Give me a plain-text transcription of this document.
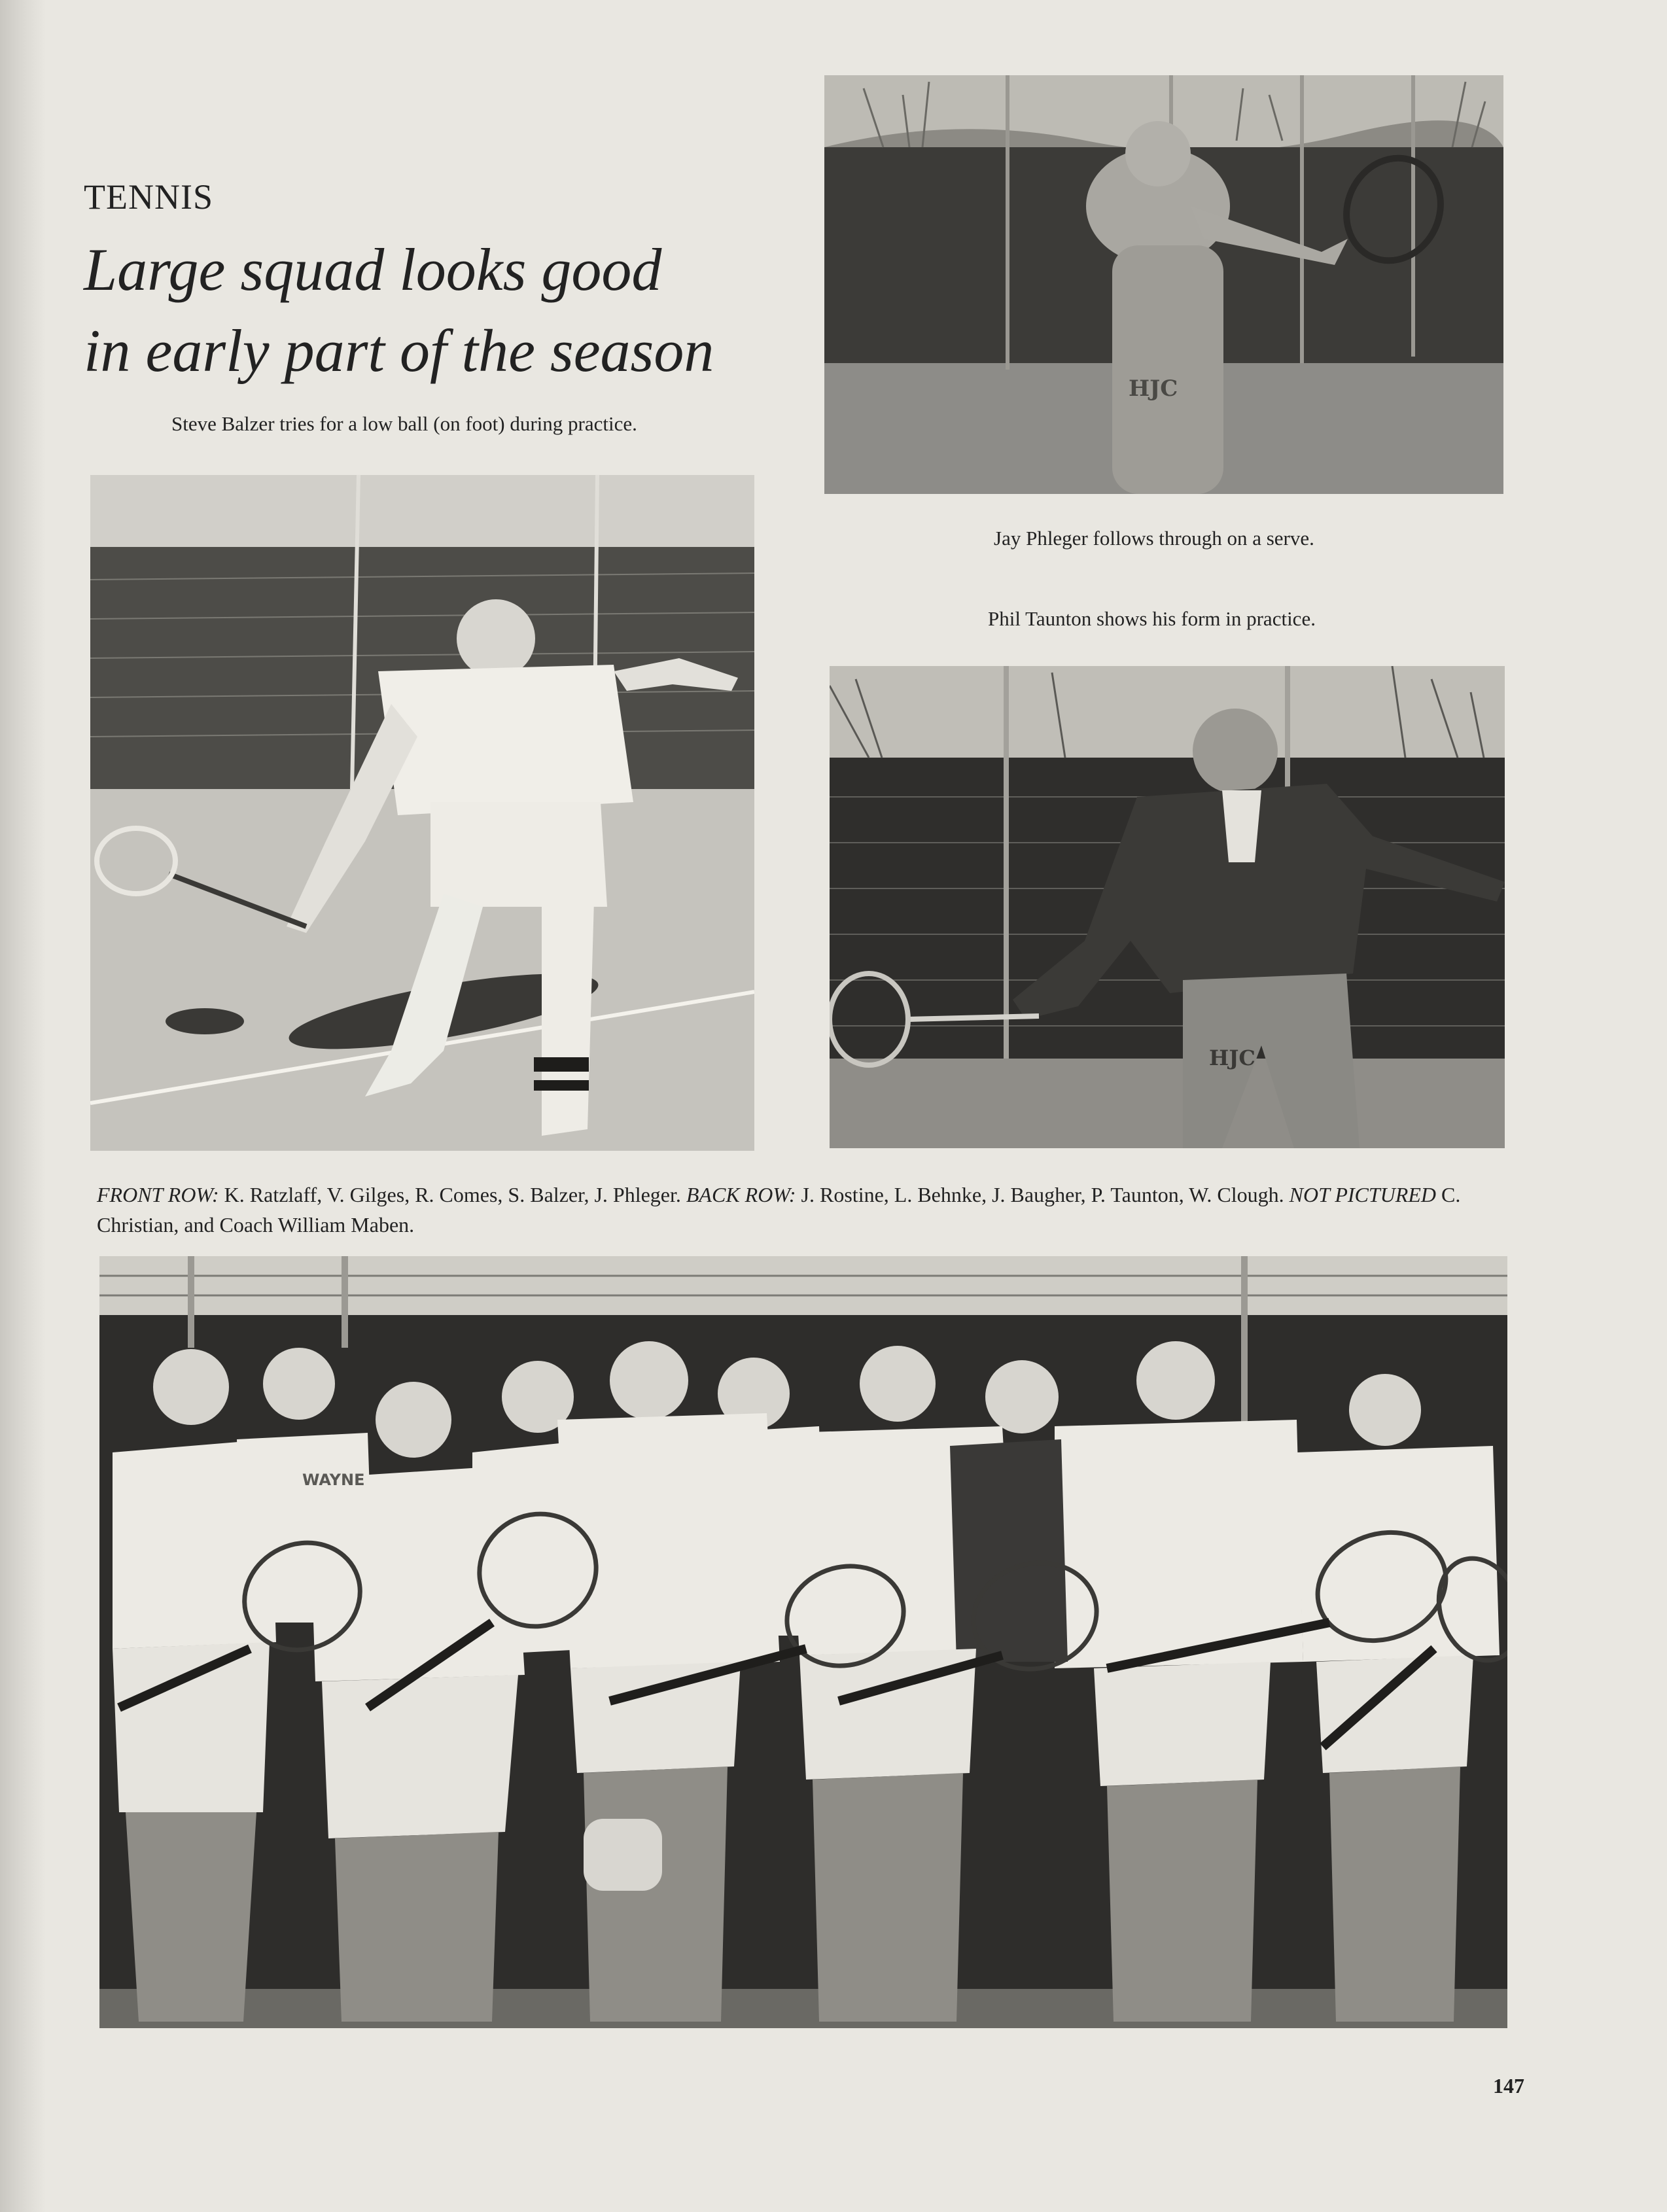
TENNIS
Large squad looks good
in early part of the season
Steve Balzer tries for a low ball (on foot) during practice.
HJC
Jay Phleger follows through on a serve.
Phil Taunton shows his form in practice.
HJC
FRONT ROW: K. Ratzlaff, V. Gilges, R. Comes, S. Balzer, J. Phleger. BACK ROW: J. Rostine, L. Behnke, J. Baugher, P. Taunton, W. Clough. NOT PICTURED C. Christian, and Coach William Maben.
WAYNE
147
